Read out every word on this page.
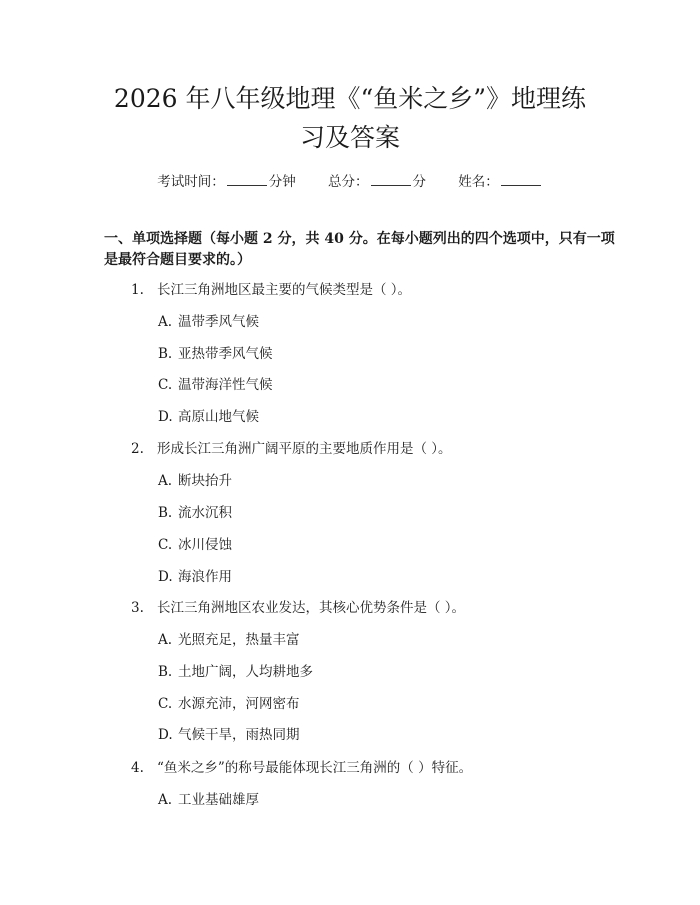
2026 年八年级地理《“鱼米之乡”》地理练
习及答案
考试时间：	分钟 总分：	分 姓名：
一、单项选择题（每小题 2 分，共 40 分。在每小题列出的四个选项中，只有一项
是最符合题目要求的。）
1. 长江三角洲地区最主要的气候类型是（ ）。
A. 温带季风气候
B. 亚热带季风气候
C. 温带海洋性气候
D. 高原山地气候
2. 形成长江三角洲广阔平原的主要地质作用是（ ）。
A. 断块抬升
B. 流水沉积
C. 冰川侵蚀
D. 海浪作用
3. 长江三角洲地区农业发达，其核心优势条件是（ ）。
A. 光照充足，热量丰富
B. 土地广阔，人均耕地多
C. 水源充沛，河网密布
D. 气候干旱，雨热同期
4. “鱼米之乡”的称号最能体现长江三角洲的（ ）特征。
A. 工业基础雄厚
